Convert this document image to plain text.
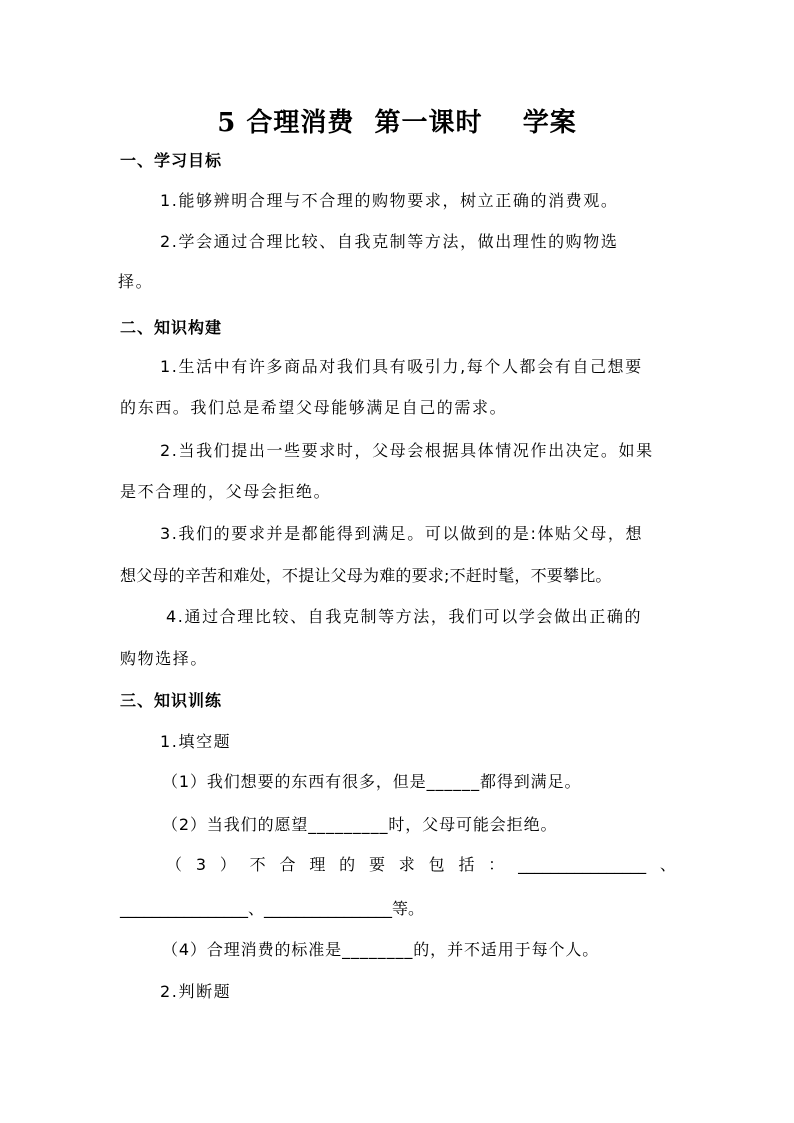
5 合理消费  第一课时    学案
一、学习目标
1.能够辨明合理与不合理的购物要求，树立正确的消费观。
2.学会通过合理比较、自我克制等方法，做出理性的购物选
择。
二、知识构建
1.生活中有许多商品对我们具有吸引力,每个人都会有自己想要
的东西。我们总是希望父母能够满足自己的需求。
2.当我们提出一些要求时，父母会根据具体情况作出决定。如果
是不合理的，父母会拒绝。
3.我们的要求并是都能得到满足。可以做到的是:体贴父母，想
想父母的辛苦和难处，不提让父母为难的要求;不赶时髦，不要攀比。
4.通过合理比较、自我克制等方法，我们可以学会做出正确的
购物选择。
三、知识训练
1.填空题
（1）我们想要的东西有很多，但是______都得到满足。
（2）当我们的愿望_________时，父母可能会拒绝。
（ 3 ） 不 合 理 的 要 求 包 括 ： ________________ 、
________________、________________等。
（4）合理消费的标准是________的，并不适用于每个人。
2.判断题
